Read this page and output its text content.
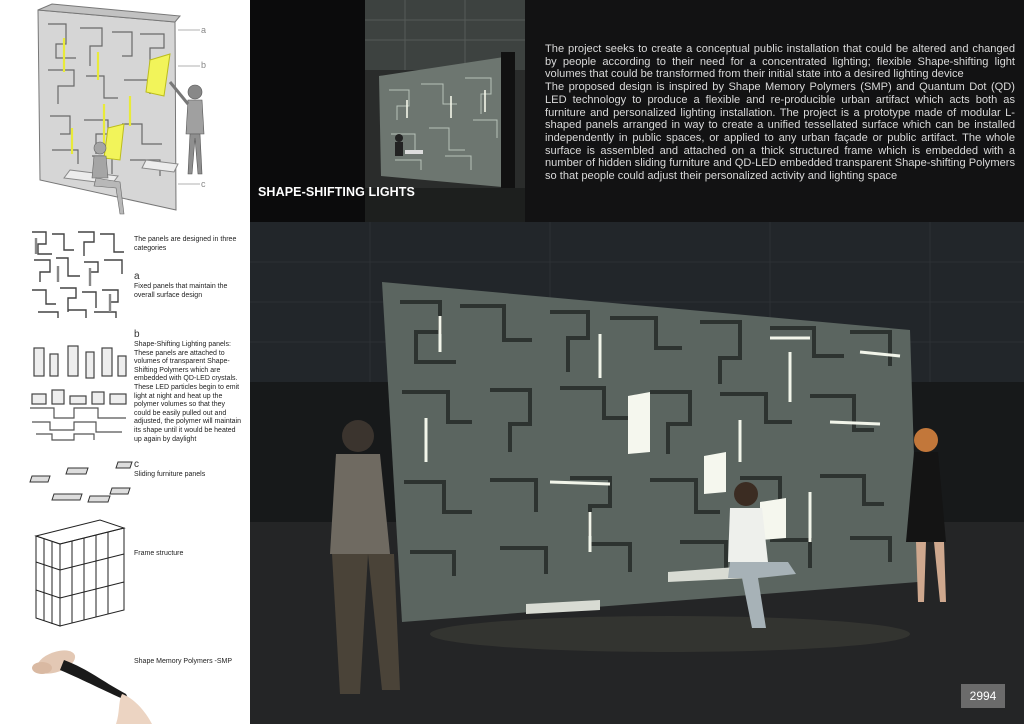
a
b
c
The panels are designed in three categories
a
Fixed panels that maintain the overall surface design
b
Shape-Shifting Lighting panels: These panels are attached to volumes of transparent Shape-Shifting Polymers which are embedded with QD-LED crystals. These LED particles begin to emit light at night and heat up the polymer volumes so that they could be easily pulled out and adjusted, the polymer will maintain its shape until it would be heated up again by daylight
c
Sliding furniture panels
Frame structure
Shape Memory Polymers -SMP
SHAPE-SHIFTING LIGHTS

The project seeks to create a conceptual public installation that could be altered and changed by people according to their need for a concentrated lighting; flexible Shape-shifting light volumes that could be transformed from their initial state into a desired lighting device

The proposed design is inspired by Shape Memory Polymers (SMP) and Quantum Dot (QD) LED technology to produce a flexible and re-producible urban artifact which acts both as furniture and personalized lighting installation. The project is a prototype made of modular L-shaped panels arranged in way to create a unified tessellated surface which can be installed independently in public spaces, or applied to any urban façade or public artifact. The whole surface is assembled and attached on a thick structured frame which is embedded with a number of hidden sliding furniture and QD-LED embedded transparent Shape-shifting Polymers so that people could adjust their personalized activity and lighting space

2994
